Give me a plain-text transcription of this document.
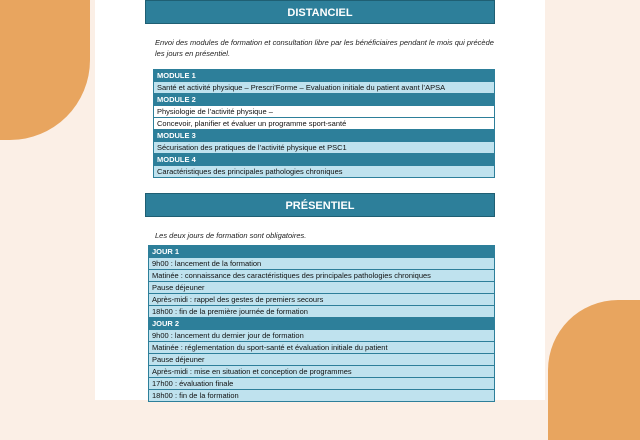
DISTANCIEL
Envoi des modules de formation et consultation libre par les bénéficiaires pendant le mois qui précède les jours en présentiel.
MODULE 1
Santé et activité physique – Prescri’Forme – Evaluation initiale du patient avant l’APSA
MODULE 2
Physiologie de l’activité physique –
Concevoir, planifier et évaluer un programme sport-santé
MODULE 3
Sécurisation des pratiques de l’activité physique et PSC1
MODULE 4
Caractéristiques des principales pathologies chroniques
PRÉSENTIEL
Les deux jours de formation sont obligatoires.
JOUR 1
9h00 : lancement de la formation
Matinée : connaissance des caractéristiques des principales pathologies chroniques
Pause déjeuner
Après-midi : rappel des gestes de premiers secours
18h00 : fin de la première journée de formation
JOUR 2
9h00 : lancement du dernier jour de formation
Matinée : réglementation du sport-santé et évaluation initiale du patient
Pause déjeuner
Après-midi : mise en situation et conception de programmes
17h00 : évaluation finale
18h00 : fin de la formation
